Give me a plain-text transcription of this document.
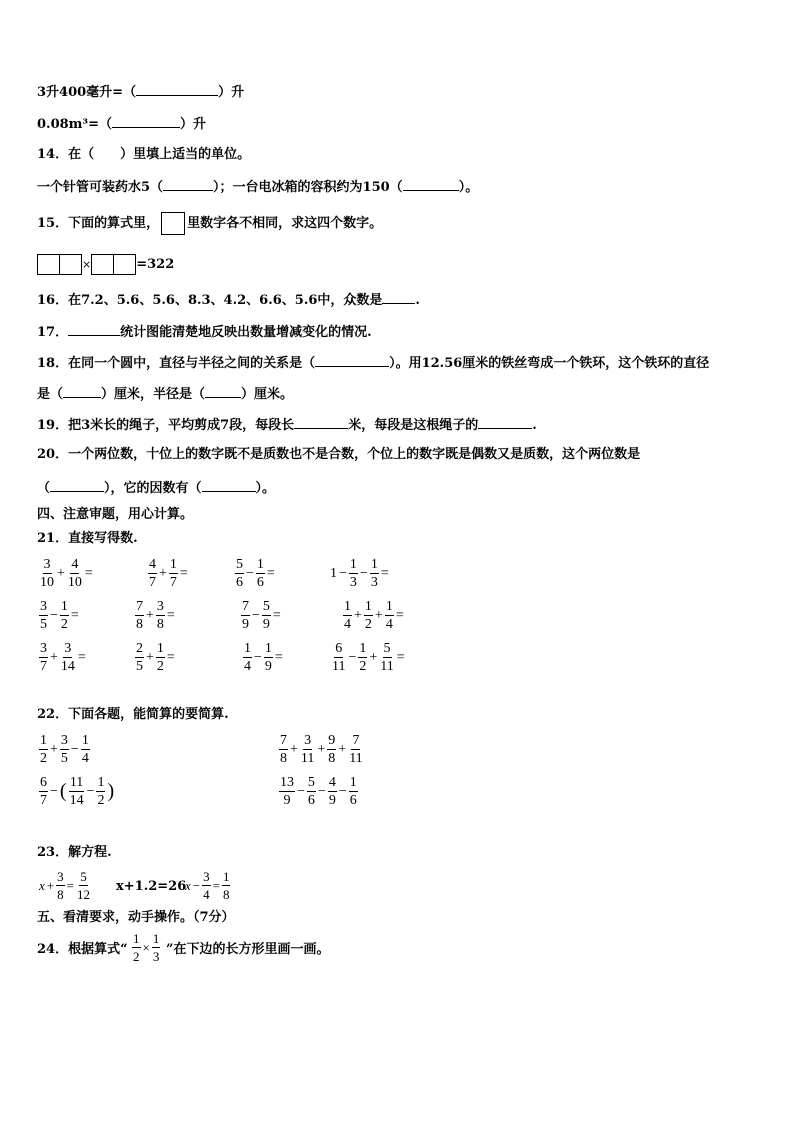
3升400毫升=（	）升
0.08m³=（	）升
14．在（　　）里填上适当的单位。
一个针管可装药水5（	）；一台电冰箱的容积约为150（	）。
15．下面的算式里， 里数字各不相同，求这四个数字。
×	=322
16．在7.2、5.6、5.6、8.3、4.2、6.6、5.6中，众数是	.
17．	统计图能清楚地反映出数量增减变化的情况.
18．在同一个圆中，直径与半径之间的关系是（	）。用12.56厘米的铁丝弯成一个铁环，这个铁环的直径
是（	）厘米，半径是（	）厘米。
19．把3米长的绳子，平均剪成7段，每段长	米，每段是这根绳子的	.
20．一个两位数，十位上的数字既不是质数也不是合数，个位上的数字既是偶数又是质数，这个两位数是
（	），它的因数有（	）。
四、注意审题，用心计算。
21．直接写得数.
$\frac{3}{10} + \frac{4}{10}$ =	$\frac{4}{7} + \frac{1}{7}$ =	$\frac{5}{6} - \frac{1}{6}$ =	$1 - \frac{1}{3} - \frac{1}{3}$ =
$\frac{3}{5} - \frac{1}{2}$ =	$\frac{7}{8} + \frac{3}{8}$ =	$\frac{7}{9} - \frac{5}{9}$ =	$\frac{1}{4} + \frac{1}{2} + \frac{1}{4}$ =
$\frac{3}{7} + \frac{3}{14}$ =	$\frac{2}{5} + \frac{1}{2}$ =	$\frac{1}{4} - \frac{1}{9}$ =	$\frac{6}{11} - \frac{1}{2} + \frac{5}{11}$ =
22．下面各题，能简算的要简算.
$\frac{1}{2} + \frac{3}{5} - \frac{1}{4}$	$\frac{7}{8} + \frac{3}{11} + \frac{9}{8} + \frac{7}{11}$
$\frac{6}{7}$ − ( $\frac{11}{14} - \frac{1}{2}$ )	$\frac{13}{9} - \frac{5}{6} - \frac{4}{9} - \frac{1}{6}$
23．解方程.
$x + \frac{3}{8} = \frac{5}{12} x+1.2=26$
$x - \frac{3}{4} = \frac{1}{8}$
五、看清要求，动手操作。（7分）
24．根据算式“ $\frac{1}{2} \times \frac{1}{3}$ ”在下边的长方形里画一画。
